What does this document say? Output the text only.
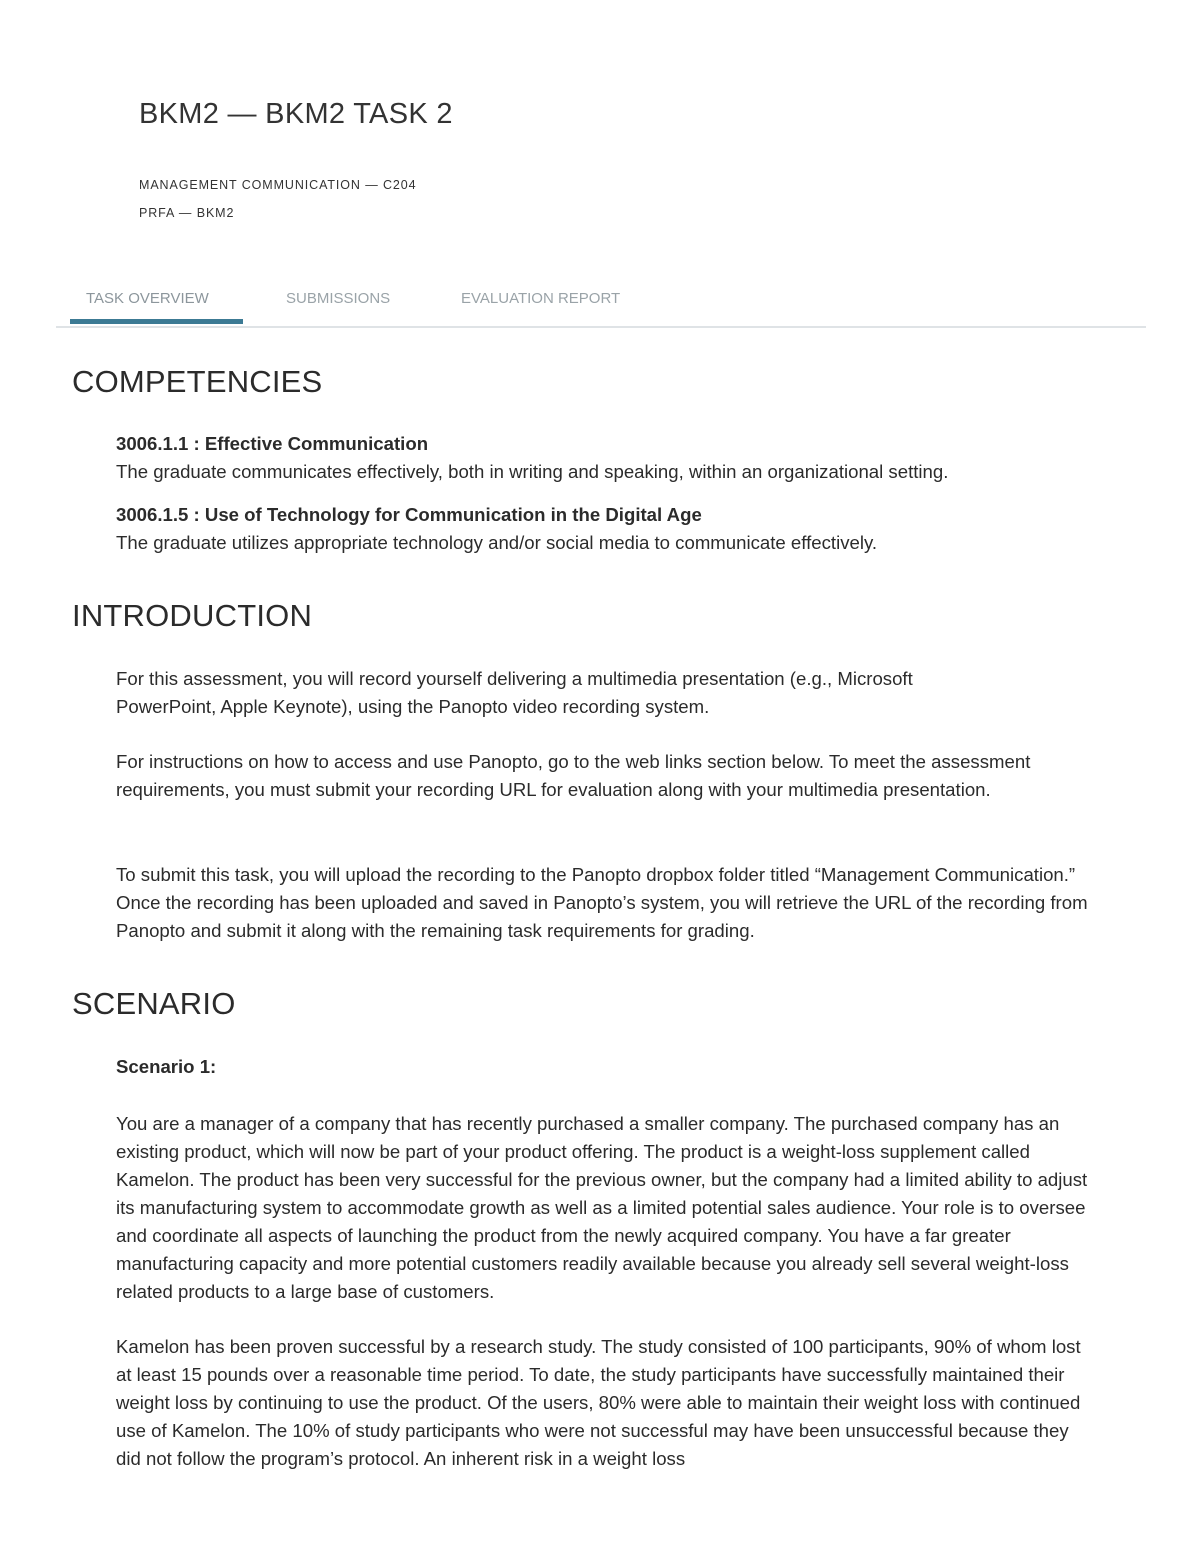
BKM2 — BKM2 TASK 2

MANAGEMENT COMMUNICATION — C204

PRFA — BKM2

TASK OVERVIEW	SUBMISSIONS	EVALUATION REPORT
COMPETENCIES
3006.1.1 : Effective Communication
The graduate communicates effectively, both in writing and speaking, within an organizational setting.
3006.1.5 : Use of Technology for Communication in the Digital Age
The graduate utilizes appropriate technology and/or social media to communicate effectively.
INTRODUCTION

For this assessment, you will record yourself delivering a multimedia presentation (e.g., Microsoft PowerPoint, Apple Keynote), using the Panopto video recording system.

For instructions on how to access and use Panopto, go to the web links section below. To meet the assessment requirements, you must submit your recording URL for evaluation along with your multimedia presentation.

To submit this task, you will upload the recording to the Panopto dropbox folder titled “Management Communication.” Once the recording has been uploaded and saved in Panopto’s system, you will retrieve the URL of the recording from Panopto and submit it along with the remaining task requirements for grading.

SCENARIO

Scenario 1:

You are a manager of a company that has recently purchased a smaller company. The purchased company has an existing product, which will now be part of your product offering. The product is a weight-loss supplement called Kamelon. The product has been very successful for the previous owner, but the company had a limited ability to adjust its manufacturing system to accommodate growth as well as a limited potential sales audience. Your role is to oversee and coordinate all aspects of launching the product from the newly acquired company. You have a far greater manufacturing capacity and more potential customers readily available because you already sell several weight-loss related products to a large base of customers.

Kamelon has been proven successful by a research study. The study consisted of 100 participants, 90% of whom lost at least 15 pounds over a reasonable time period. To date, the study participants have successfully maintained their weight loss by continuing to use the product. Of the users, 80% were able to maintain their weight loss with continued use of Kamelon. The 10% of study participants who were not successful may have been unsuccessful because they did not follow the program’s protocol. An inherent risk in a weight loss
